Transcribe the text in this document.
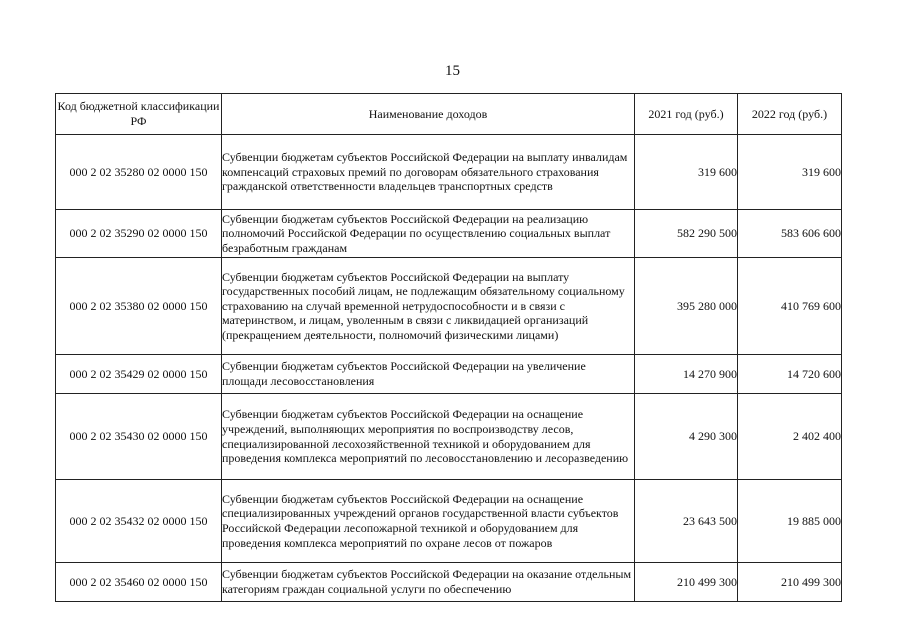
15
Код бюджетной классификации РФ	Наименование доходов	2021 год (руб.)	2022 год (руб.)
000 2 02 35280 02 0000 150	Субвенции бюджетам субъектов Российской Федерации на выплату инвалидам компенсаций страховых премий по договорам обязательного страхования гражданской ответственности владельцев транспортных средств	319 600	319 600
000 2 02 35290 02 0000 150	Субвенции бюджетам субъектов Российской Федерации на реализацию полномочий Российской Федерации по осуществлению социальных выплат безработным гражданам	582 290 500	583 606 600
000 2 02 35380 02 0000 150	Субвенции бюджетам субъектов Российской Федерации на выплату государственных пособий лицам, не подлежащим обязательному социальному страхованию на случай временной нетрудоспособности и в связи с материнством, и лицам, уволенным в связи с ликвидацией организаций (прекращением деятельности, полномочий физическими лицами)	395 280 000	410 769 600
000 2 02 35429 02 0000 150	Субвенции бюджетам субъектов Российской Федерации на увеличение площади лесовосстановления	14 270 900	14 720 600
000 2 02 35430 02 0000 150	Субвенции бюджетам субъектов Российской Федерации на оснащение учреждений, выполняющих мероприятия по воспроизводству лесов, специализированной лесохозяйственной техникой и оборудованием для проведения комплекса мероприятий по лесовосстановлению и лесоразведению	4 290 300	2 402 400
000 2 02 35432 02 0000 150	Субвенции бюджетам субъектов Российской Федерации на оснащение специализированных учреждений органов государственной власти субъектов Российской Федерации лесопожарной техникой и оборудованием для проведения комплекса мероприятий по охране лесов от пожаров	23 643 500	19 885 000
000 2 02 35460 02 0000 150	Субвенции бюджетам субъектов Российской Федерации на оказание отдельным категориям граждан социальной услуги по обеспечению	210 499 300	210 499 300
